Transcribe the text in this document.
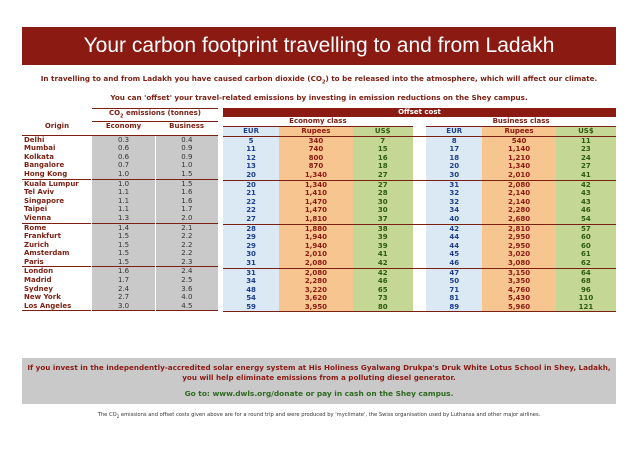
Your carbon footprint travelling to and from Ladakh
In travelling to and from Ladakh you have caused carbon dioxide $(CO_2)$ to be released into the atmosphere, which will affect our climate.
You can 'offset' your travel-related emissions by investing in emission reductions on the Shey campus.
	$CO_2$ emissions (tonnes)	
Origin	Economy	Business

Delhi	0.3	0.4
Mumbai	0.6	0.9
Kolkata	0.6	0.9
Bangalore	0.7	1.0
Hong Kong	1.0	1.5
Kuala Lumpur	1.0	1.5
Tel Aviv	1.1	1.6
Singapore	1.1	1.6
Taipei	1.1	1.7
Vienna	1.3	2.0
Rome	1.4	2.1
Frankfurt	1.5	2.2
Zurich	1.5	2.2
Amsterdam	1.5	2.2
Paris	1.5	2.3
London	1.6	2.4
Madrid	1.7	2.5
Sydney	2.4	3.6
New York	2.7	4.0
Los Angeles	3.0	4.5
Offset cost						
Economy class				Business class		
EUR	Rupees	US$		EUR	Rupees	US$
5	340	7		8	540	11
11	740	15		17	1,140	23
12	800	16		18	1,210	24
13	870	18		20	1,340	27
20	1,340	27		30	2,010	41
20	1,340	27		31	2,080	42
21	1,410	28		32	2,140	43
22	1,470	30		32	2,140	43
22	1,470	30		34	2,280	46
27	1,810	37		40	2,680	54
28	1,880	38		42	2,810	57
29	1,940	39		44	2,950	60
29	1,940	39		44	2,950	60
30	2,010	41		45	3,020	61
31	2,080	42		46	3,080	62
31	2,080	42		47	3,150	64
34	2,280	46		50	3,350	68
48	3,220	65		71	4,760	96
54	3,620	73		81	5,430	110
59	3,950	80		89	5,960	121
If you invest in the independently-accredited solar energy system at His Holiness Gyalwang Drukpa's Druk White Lotus School in Shey, Ladakh, you will help eliminate emissions from a polluting diesel generator.
Go to: www.dwls.org/donate or pay in cash on the Shey campus.
The $CO_2$ emissions and offset costs given above are for a round trip and were produced by 'myclimate', the Swiss organisation used by Luthansa and other major airlines.
